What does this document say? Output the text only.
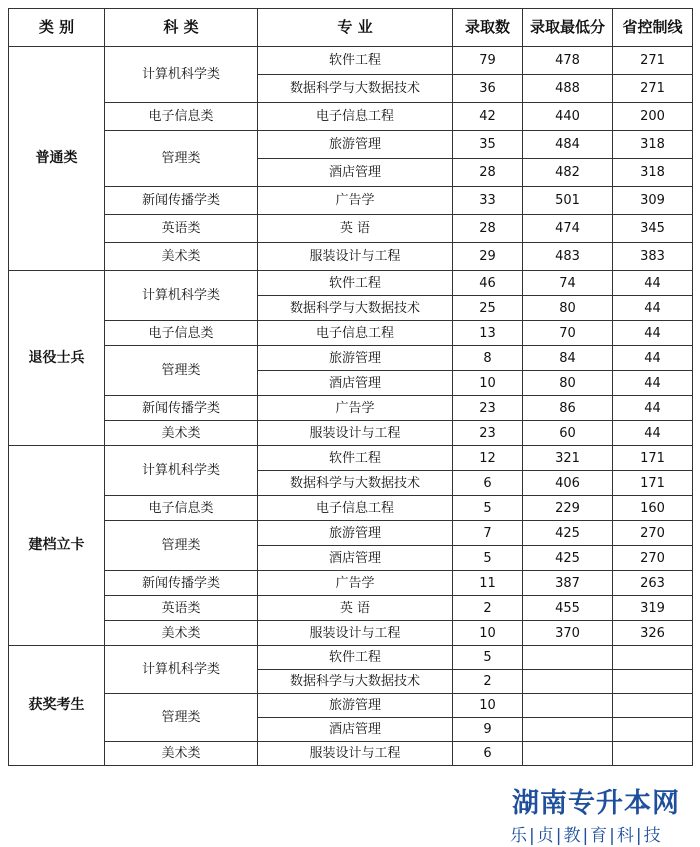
类 别	科 类	专 业	录取数	录取最低分	省控制线
普通类	计算机科学类	软件工程	79	478	271
		数据科学与大数据技术	36	488	271
	电子信息类	电子信息工程	42	440	200
	管理类	旅游管理	35	484	318
		酒店管理	28	482	318
	新闻传播学类	广告学	33	501	309
	英语类	英 语	28	474	345
	美术类	服装设计与工程	29	483	383
退役士兵	计算机科学类	软件工程	46	74	44
		数据科学与大数据技术	25	80	44
	电子信息类	电子信息工程	13	70	44
	管理类	旅游管理	8	84	44
		酒店管理	10	80	44
	新闻传播学类	广告学	23	86	44
	美术类	服装设计与工程	23	60	44
建档立卡	计算机科学类	软件工程	12	321	171
		数据科学与大数据技术	6	406	171
	电子信息类	电子信息工程	5	229	160
	管理类	旅游管理	7	425	270
		酒店管理	5	425	270
	新闻传播学类	广告学	11	387	263
	英语类	英 语	2	455	319
	美术类	服装设计与工程	10	370	326
获奖考生	计算机科学类	软件工程	5		
		数据科学与大数据技术	2		
	管理类	旅游管理	10		
		酒店管理	9		
	美术类	服装设计与工程	6		
湖南专升本网
乐|贞|教|育|科|技
